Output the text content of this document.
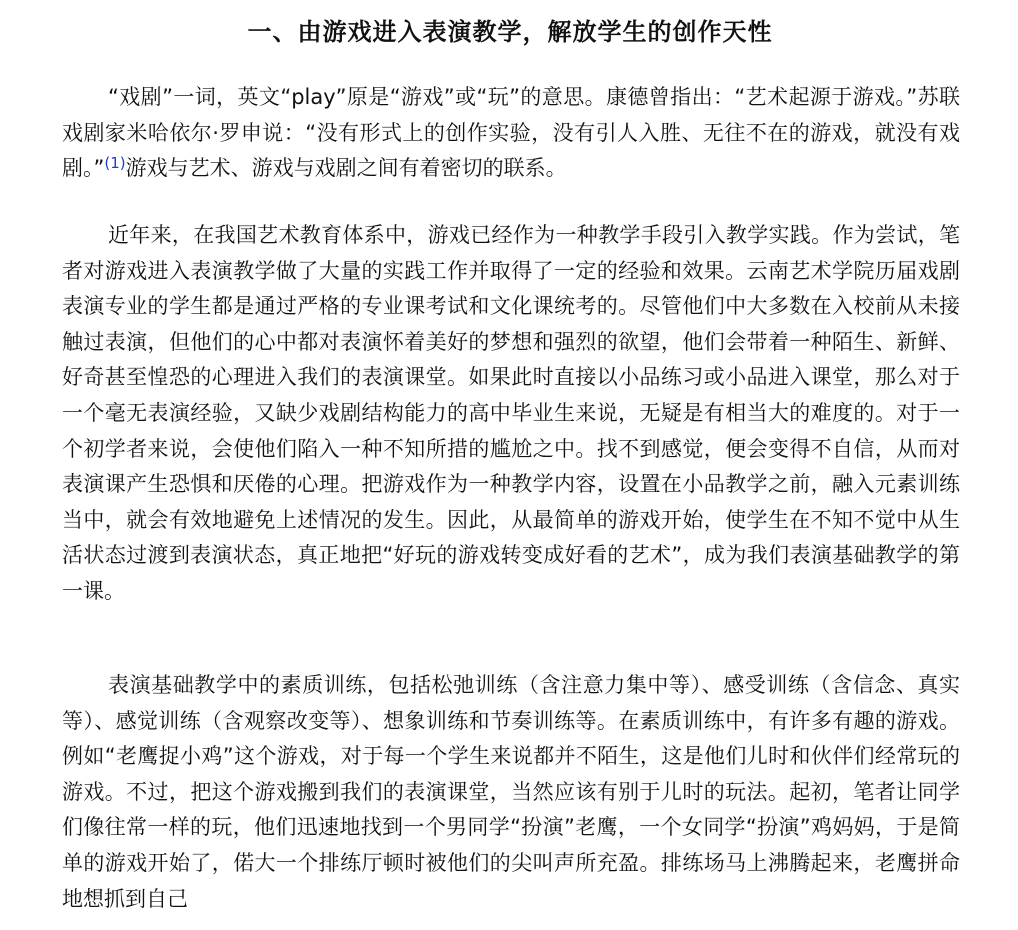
一、由游戏进入表演教学，解放学生的创作天性

“戏剧”一词，英文“play”原是“游戏”或“玩”的意思。康德曾指出：“艺术起源于游戏。”苏联戏剧家米哈依尔·罗申说：“没有形式上的创作实验，没有引人入胜、无往不在的游戏，就没有戏剧。”$^{(1)}$游戏与艺术、游戏与戏剧之间有着密切的联系。

近年来，在我国艺术教育体系中，游戏已经作为一种教学手段引入教学实践。作为尝试，笔者对游戏进入表演教学做了大量的实践工作并取得了一定的经验和效果。云南艺术学院历届戏剧表演专业的学生都是通过严格的专业课考试和文化课统考的。尽管他们中大多数在入校前从未接触过表演，但他们的心中都对表演怀着美好的梦想和强烈的欲望，他们会带着一种陌生、新鲜、好奇甚至惶恐的心理进入我们的表演课堂。如果此时直接以小品练习或小品进入课堂，那么对于一个毫无表演经验，又缺少戏剧结构能力的高中毕业生来说，无疑是有相当大的难度的。对于一个初学者来说，会使他们陷入一种不知所措的尴尬之中。找不到感觉，便会变得不自信，从而对表演课产生恐惧和厌倦的心理。把游戏作为一种教学内容，设置在小品教学之前，融入元素训练当中，就会有效地避免上述情况的发生。因此，从最简单的游戏开始，使学生在不知不觉中从生活状态过渡到表演状态，真正地把“好玩的游戏转变成好看的艺术”，成为我们表演基础教学的第一课。

表演基础教学中的素质训练，包括松弛训练（含注意力集中等）、感受训练（含信念、真实等）、感觉训练（含观察改变等）、想象训练和节奏训练等。在素质训练中，有许多有趣的游戏。例如“老鹰捉小鸡”这个游戏，对于每一个学生来说都并不陌生，这是他们儿时和伙伴们经常玩的游戏。不过，把这个游戏搬到我们的表演课堂，当然应该有别于儿时的玩法。起初，笔者让同学们像往常一样的玩，他们迅速地找到一个男同学“扮演”老鹰，一个女同学“扮演”鸡妈妈，于是简单的游戏开始了，偌大一个排练厅顿时被他们的尖叫声所充盈。排练场马上沸腾起来，老鹰拼命地想抓到自己
